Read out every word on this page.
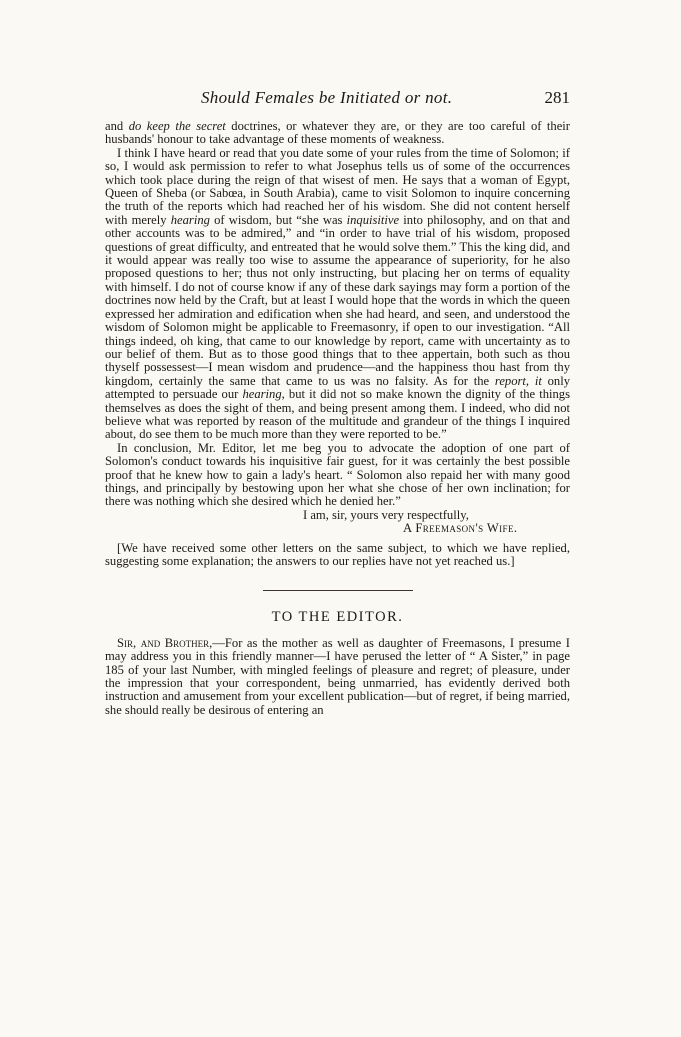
Should Females be Initiated or not.	281

and do keep the secret doctrines, or whatever they are, or they are too careful of their husbands' honour to take advantage of these moments of weakness.

I think I have heard or read that you date some of your rules from the time of Solomon; if so, I would ask permission to refer to what Josephus tells us of some of the occurrences which took place during the reign of that wisest of men. He says that a woman of Egypt, Queen of Sheba (or Sabœa, in South Arabia), came to visit Solomon to inquire concerning the truth of the reports which had reached her of his wisdom. She did not content herself with merely hearing of wisdom, but “she was inquisitive into philosophy, and on that and other accounts was to be admired,” and “in order to have trial of his wisdom, proposed questions of great difficulty, and entreated that he would solve them.” This the king did, and it would appear was really too wise to assume the appearance of superiority, for he also proposed questions to her; thus not only instructing, but placing her on terms of equality with himself. I do not of course know if any of these dark sayings may form a portion of the doctrines now held by the Craft, but at least I would hope that the words in which the queen expressed her admiration and edification when she had heard, and seen, and understood the wisdom of Solomon might be applicable to Freemasonry, if open to our investigation. “All things indeed, oh king, that came to our knowledge by report, came with uncertainty as to our belief of them. But as to those good things that to thee appertain, both such as thou thyself possessest—I mean wisdom and prudence—and the happiness thou hast from thy kingdom, certainly the same that came to us was no falsity. As for the report, it only attempted to persuade our hearing, but it did not so make known the dignity of the things themselves as does the sight of them, and being present among them. I indeed, who did not believe what was reported by reason of the multitude and grandeur of the things I inquired about, do see them to be much more than they were reported to be.”

In conclusion, Mr. Editor, let me beg you to advocate the adoption of one part of Solomon's conduct towards his inquisitive fair guest, for it was certainly the best possible proof that he knew how to gain a lady's heart. “ Solomon also repaid her with many good things, and principally by bestowing upon her what she chose of her own inclination; for there was nothing which she desired which he denied her.”

I am, sir, yours very respectfully,
A Freemason's Wife.

[We have received some other letters on the same subject, to which we have replied, suggesting some explanation; the answers to our replies have not yet reached us.]

TO THE EDITOR.

Sir, and Brother,—For as the mother as well as daughter of Freemasons, I presume I may address you in this friendly manner—I have perused the letter of “ A Sister,” in page 185 of your last Number, with mingled feelings of pleasure and regret; of pleasure, under the impression that your correspondent, being unmarried, has evidently derived both instruction and amusement from your excellent publication—but of regret, if being married, she should really be desirous of entering an
